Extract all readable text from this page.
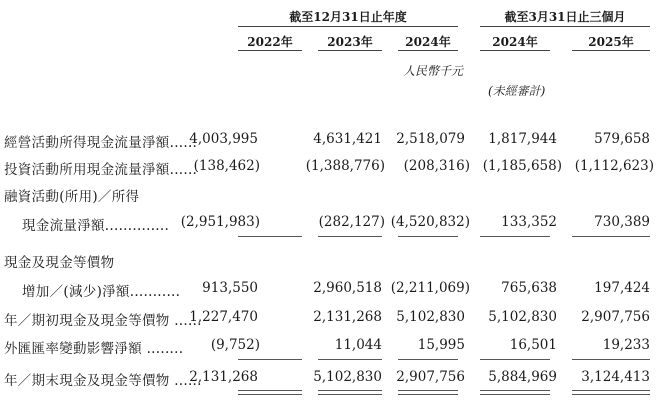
截至12月31日止年度	截至3月31日止三個月
2022年	2023年	2024年	2024年	2025年
人民幣千元
(未經審計)
經營活動所得現金流量淨額......
4,003,995	4,631,421 2,518,079 1,817,944	579,658
投資活動所用現金流量淨額......
(138,462)	(1,388,776) (208,316) (1,185,658) (1,112,623)
融資活動(所用)／所得
現金流量淨額.............. (2,951,983)	(282,127) (4,520,832) 133,352	730,389
現金及現金等價物
增加／(減少)淨額........... 913,550	2,960,518 (2,211,069) 765,638	197,424
年／期初現金及現金等價物 ......
1,227,470	2,131,268 5,102,830 5,102,830 2,907,756
外匯匯率變動影響淨額 ........ (9,752)	11,044	15,995	16,501	19,233
年／期末現金及現金等價物 ......
2,131,268	5,102,830 2,907,756 5,884,969 3,124,413
